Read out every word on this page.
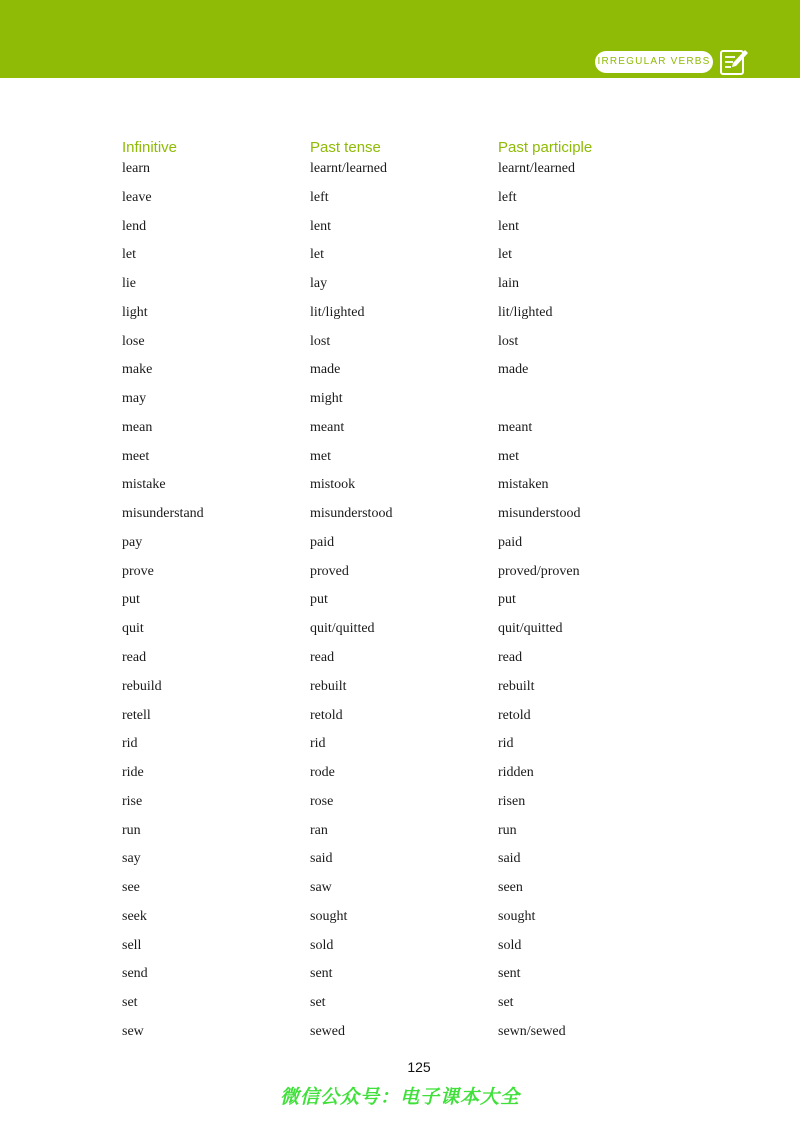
IRREGULAR VERBS
Infinitive	Past tense	Past participle
learn	learnt/learned	learnt/learned
leave	left	left
lend	lent	lent
let	let	let
lie	lay	lain
light	lit/lighted	lit/lighted
lose	lost	lost
make	made	made
may	might
mean	meant	meant
meet	met	met
mistake	mistook	mistaken
misunderstand	misunderstood	misunderstood
pay	paid	paid
prove	proved	proved/proven
put	put	put
quit	quit/quitted	quit/quitted
read	read	read
rebuild	rebuilt	rebuilt
retell	retold	retold
rid	rid	rid
ride	rode	ridden
rise	rose	risen
run	ran	run
say	said	said
see	saw	seen
seek	sought	sought
sell	sold	sold
send	sent	sent
set	set	set
sew	sewed	sewn/sewed
125
微信公众号：电子课本大全
